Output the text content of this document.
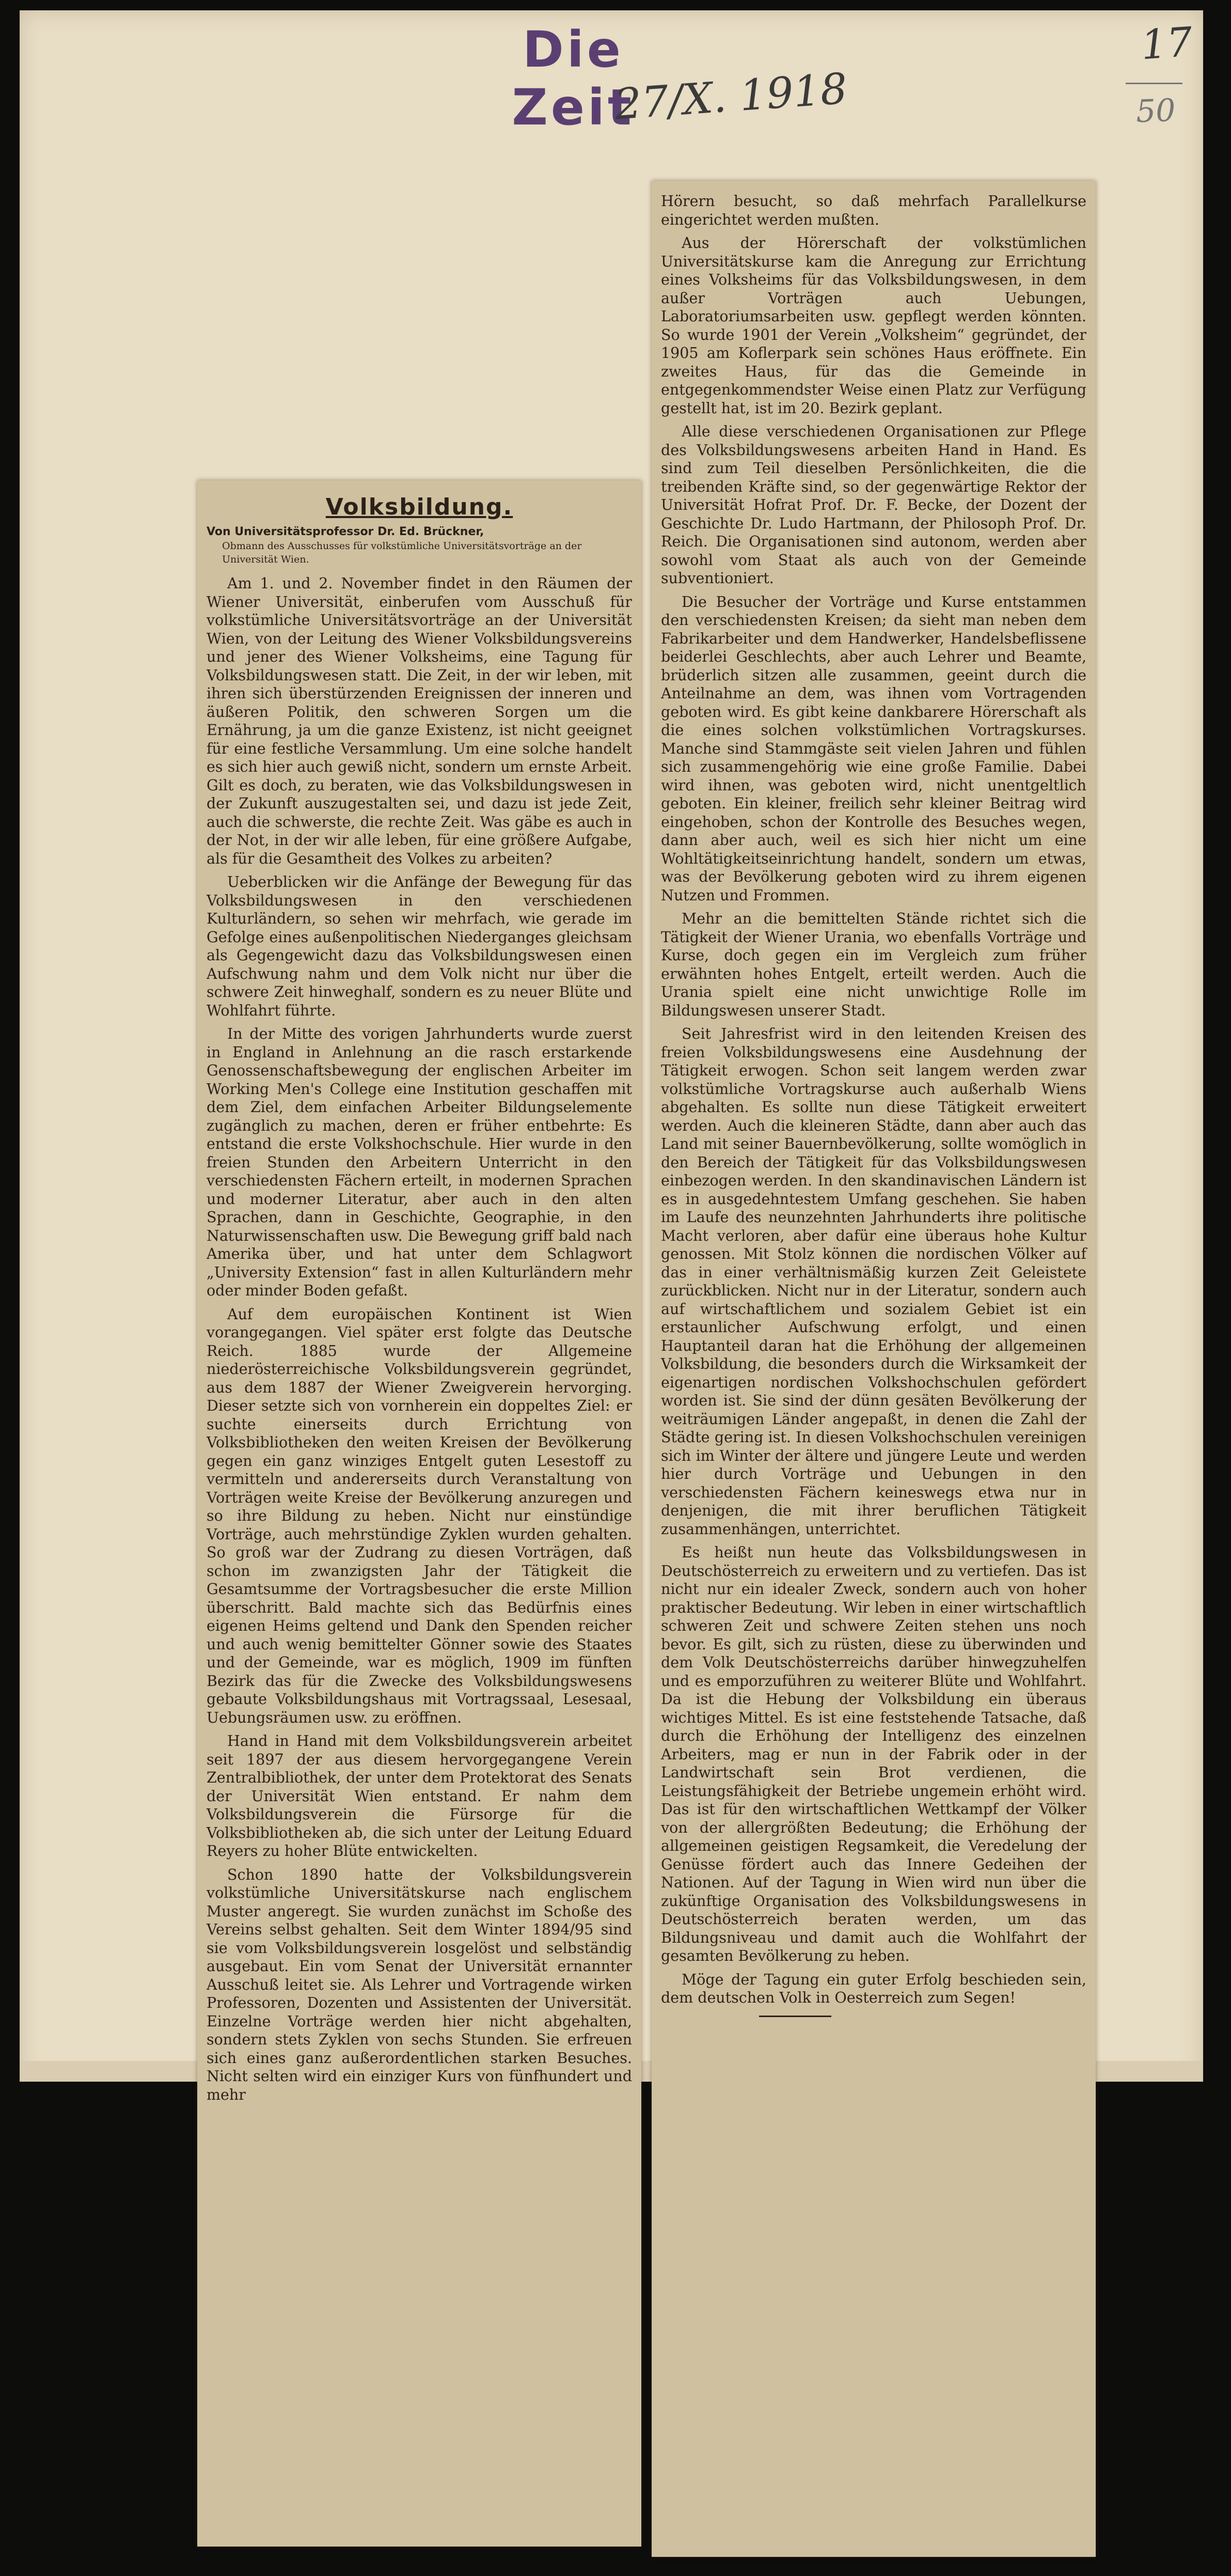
Die Zeit
27/X. 1918
17
50
Volksbildung.
Von Universitätsprofessor Dr. Ed. Brückner,
Obmann des Ausschusses für volkstümliche Universitätsvorträge an der Universität Wien.

Am 1. und 2. November findet in den Räumen der Wiener Universität, einberufen vom Ausschuß für volkstümliche Universitätsvorträge an der Universität Wien, von der Leitung des Wiener Volksbildungsvereins und jener des Wiener Volksheims, eine Tagung für Volksbildungswesen statt. Die Zeit, in der wir leben, mit ihren sich überstürzenden Ereignissen der inneren und äußeren Politik, den schweren Sorgen um die Ernährung, ja um die ganze Existenz, ist nicht geeignet für eine festliche Versammlung. Um eine solche handelt es sich hier auch gewiß nicht, sondern um ernste Arbeit. Gilt es doch, zu beraten, wie das Volksbildungswesen in der Zukunft auszugestalten sei, und dazu ist jede Zeit, auch die schwerste, die rechte Zeit. Was gäbe es auch in der Not, in der wir alle leben, für eine größere Aufgabe, als für die Gesamtheit des Volkes zu arbeiten?

Ueberblicken wir die Anfänge der Bewegung für das Volksbildungswesen in den verschiedenen Kulturländern, so sehen wir mehrfach, wie gerade im Gefolge eines außenpolitischen Niederganges gleichsam als Gegengewicht dazu das Volksbildungswesen einen Aufschwung nahm und dem Volk nicht nur über die schwere Zeit hinweghalf, sondern es zu neuer Blüte und Wohlfahrt führte.

In der Mitte des vorigen Jahrhunderts wurde zuerst in England in Anlehnung an die rasch erstarkende Genossenschaftsbewegung der englischen Arbeiter im Working Men's College eine Institution geschaffen mit dem Ziel, dem einfachen Arbeiter Bildungselemente zugänglich zu machen, deren er früher entbehrte: Es entstand die erste Volkshochschule. Hier wurde in den freien Stunden den Arbeitern Unterricht in den verschiedensten Fächern erteilt, in modernen Sprachen und moderner Literatur, aber auch in den alten Sprachen, dann in Geschichte, Geographie, in den Naturwissenschaften usw. Die Bewegung griff bald nach Amerika über, und hat unter dem Schlagwort „University Extension“ fast in allen Kulturländern mehr oder minder Boden gefaßt.

Auf dem europäischen Kontinent ist Wien vorangegangen. Viel später erst folgte das Deutsche Reich. 1885 wurde der Allgemeine niederösterreichische Volksbildungsverein gegründet, aus dem 1887 der Wiener Zweigverein hervorging. Dieser setzte sich von vornherein ein doppeltes Ziel: er suchte einerseits durch Errichtung von Volksbibliotheken den weiten Kreisen der Bevölkerung gegen ein ganz winziges Entgelt guten Lesestoff zu vermitteln und andererseits durch Veranstaltung von Vorträgen weite Kreise der Bevölkerung anzuregen und so ihre Bildung zu heben. Nicht nur einstündige Vorträge, auch mehrstündige Zyklen wurden gehalten. So groß war der Zudrang zu diesen Vorträgen, daß schon im zwanzigsten Jahr der Tätigkeit die Gesamtsumme der Vortragsbesucher die erste Million überschritt. Bald machte sich das Bedürfnis eines eigenen Heims geltend und Dank den Spenden reicher und auch wenig bemittelter Gönner sowie des Staates und der Gemeinde, war es möglich, 1909 im fünften Bezirk das für die Zwecke des Volksbildungswesens gebaute Volksbildungshaus mit Vortragssaal, Lesesaal, Uebungsräumen usw. zu eröffnen.

Hand in Hand mit dem Volksbildungsverein arbeitet seit 1897 der aus diesem hervorgegangene Verein Zentralbibliothek, der unter dem Protektorat des Senats der Universität Wien entstand. Er nahm dem Volksbildungsverein die Fürsorge für die Volksbibliotheken ab, die sich unter der Leitung Eduard Reyers zu hoher Blüte entwickelten.

Schon 1890 hatte der Volksbildungsverein volkstümliche Universitätskurse nach englischem Muster angeregt. Sie wurden zunächst im Schoße des Vereins selbst gehalten. Seit dem Winter 1894/95 sind sie vom Volksbildungsverein losgelöst und selbständig ausgebaut. Ein vom Senat der Universität ernannter Ausschuß leitet sie. Als Lehrer und Vortragende wirken Professoren, Dozenten und Assistenten der Universität. Einzelne Vorträge werden hier nicht abgehalten, sondern stets Zyklen von sechs Stunden. Sie erfreuen sich eines ganz außerordentlichen starken Besuches. Nicht selten wird ein einziger Kurs von fünfhundert und mehr

Hörern besucht, so daß mehrfach Parallelkurse eingerichtet werden mußten.

Aus der Hörerschaft der volkstümlichen Universitätskurse kam die Anregung zur Errichtung eines Volksheims für das Volksbildungswesen, in dem außer Vorträgen auch Uebungen, Laboratoriumsarbeiten usw. gepflegt werden könnten. So wurde 1901 der Verein „Volksheim“ gegründet, der 1905 am Koflerpark sein schönes Haus eröffnete. Ein zweites Haus, für das die Gemeinde in entgegenkommendster Weise einen Platz zur Verfügung gestellt hat, ist im 20. Bezirk geplant.

Alle diese verschiedenen Organisationen zur Pflege des Volksbildungswesens arbeiten Hand in Hand. Es sind zum Teil dieselben Persönlichkeiten, die die treibenden Kräfte sind, so der gegenwärtige Rektor der Universität Hofrat Prof. Dr. F. Becke, der Dozent der Geschichte Dr. Ludo Hartmann, der Philosoph Prof. Dr. Reich. Die Organisationen sind autonom, werden aber sowohl vom Staat als auch von der Gemeinde subventioniert.

Die Besucher der Vorträge und Kurse entstammen den verschiedensten Kreisen; da sieht man neben dem Fabrikarbeiter und dem Handwerker, Handelsbeflissene beiderlei Geschlechts, aber auch Lehrer und Beamte, brüderlich sitzen alle zusammen, geeint durch die Anteilnahme an dem, was ihnen vom Vortragenden geboten wird. Es gibt keine dankbarere Hörerschaft als die eines solchen volkstümlichen Vortragskurses. Manche sind Stammgäste seit vielen Jahren und fühlen sich zusammengehörig wie eine große Familie. Dabei wird ihnen, was geboten wird, nicht unentgeltlich geboten. Ein kleiner, freilich sehr kleiner Beitrag wird eingehoben, schon der Kontrolle des Besuches wegen, dann aber auch, weil es sich hier nicht um eine Wohltätigkeitseinrichtung handelt, sondern um etwas, was der Bevölkerung geboten wird zu ihrem eigenen Nutzen und Frommen.

Mehr an die bemittelten Stände richtet sich die Tätigkeit der Wiener Urania, wo ebenfalls Vorträge und Kurse, doch gegen ein im Vergleich zum früher erwähnten hohes Entgelt, erteilt werden. Auch die Urania spielt eine nicht unwichtige Rolle im Bildungswesen unserer Stadt.

Seit Jahresfrist wird in den leitenden Kreisen des freien Volksbildungswesens eine Ausdehnung der Tätigkeit erwogen. Schon seit langem werden zwar volkstümliche Vortragskurse auch außerhalb Wiens abgehalten. Es sollte nun diese Tätigkeit erweitert werden. Auch die kleineren Städte, dann aber auch das Land mit seiner Bauernbevölkerung, sollte womöglich in den Bereich der Tätigkeit für das Volksbildungswesen einbezogen werden. In den skandinavischen Ländern ist es in ausgedehntestem Umfang geschehen. Sie haben im Laufe des neunzehnten Jahrhunderts ihre politische Macht verloren, aber dafür eine überaus hohe Kultur genossen. Mit Stolz können die nordischen Völker auf das in einer verhältnismäßig kurzen Zeit Geleistete zurückblicken. Nicht nur in der Literatur, sondern auch auf wirtschaftlichem und sozialem Gebiet ist ein erstaunlicher Aufschwung erfolgt, und einen Hauptanteil daran hat die Erhöhung der allgemeinen Volksbildung, die besonders durch die Wirksamkeit der eigenartigen nordischen Volkshochschulen gefördert worden ist. Sie sind der dünn gesäten Bevölkerung der weiträumigen Länder angepaßt, in denen die Zahl der Städte gering ist. In diesen Volkshochschulen vereinigen sich im Winter der ältere und jüngere Leute und werden hier durch Vorträge und Uebungen in den verschiedensten Fächern keineswegs etwa nur in denjenigen, die mit ihrer beruflichen Tätigkeit zusammenhängen, unterrichtet.

Es heißt nun heute das Volksbildungswesen in Deutschösterreich zu erweitern und zu vertiefen. Das ist nicht nur ein idealer Zweck, sondern auch von hoher praktischer Bedeutung. Wir leben in einer wirtschaftlich schweren Zeit und schwere Zeiten stehen uns noch bevor. Es gilt, sich zu rüsten, diese zu überwinden und dem Volk Deutschösterreichs darüber hinwegzuhelfen und es emporzuführen zu weiterer Blüte und Wohlfahrt. Da ist die Hebung der Volksbildung ein überaus wichtiges Mittel. Es ist eine feststehende Tatsache, daß durch die Erhöhung der Intelligenz des einzelnen Arbeiters, mag er nun in der Fabrik oder in der Landwirtschaft sein Brot verdienen, die Leistungsfähigkeit der Betriebe ungemein erhöht wird. Das ist für den wirtschaftlichen Wettkampf der Völker von der allergrößten Bedeutung; die Erhöhung der allgemeinen geistigen Regsamkeit, die Veredelung der Genüsse fördert auch das Innere Gedeihen der Nationen. Auf der Tagung in Wien wird nun über die zukünftige Organisation des Volksbildungswesens in Deutschösterreich beraten werden, um das Bildungsniveau und damit auch die Wohlfahrt der gesamten Bevölkerung zu heben.

Möge der Tagung ein guter Erfolg beschieden sein, dem deutschen Volk in Oesterreich zum Segen!
